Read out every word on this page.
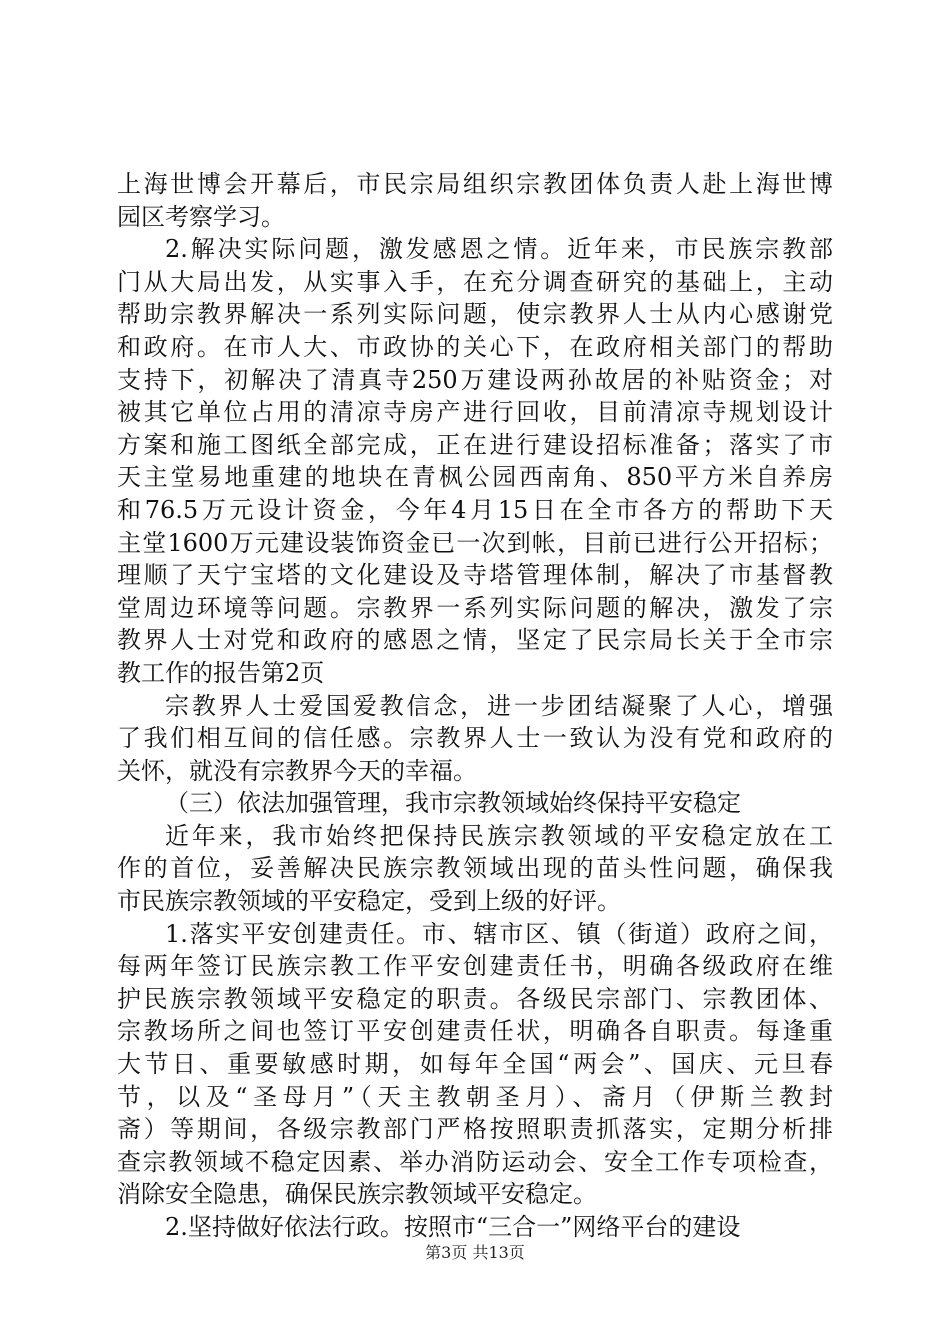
上海世博会开幕后，市民宗局组织宗教团体负责人赴上海世博
园区考察学习。
2.解决实际问题，激发感恩之情。近年来，市民族宗教部
门从大局出发，从实事入手，在充分调查研究的基础上，主动
帮助宗教界解决一系列实际问题，使宗教界人士从内心感谢党
和政府。在市人大、市政协的关心下，在政府相关部门的帮助
支持下，初解决了清真寺250万建设两孙故居的补贴资金；对
被其它单位占用的清凉寺房产进行回收，目前清凉寺规划设计
方案和施工图纸全部完成，正在进行建设招标准备；落实了市
天主堂易地重建的地块在青枫公园西南角、850平方米自养房
和76.5万元设计资金，今年4月15日在全市各方的帮助下天
主堂1600万元建设装饰资金已一次到帐，目前已进行公开招标；
理顺了天宁宝塔的文化建设及寺塔管理体制，解决了市基督教
堂周边环境等问题。宗教界一系列实际问题的解决，激发了宗
教界人士对党和政府的感恩之情，坚定了民宗局长关于全市宗
教工作的报告第2页
宗教界人士爱国爱教信念，进一步团结凝聚了人心，增强
了我们相互间的信任感。宗教界人士一致认为没有党和政府的
关怀，就没有宗教界今天的幸福。
（三）依法加强管理，我市宗教领域始终保持平安稳定
近年来，我市始终把保持民族宗教领域的平安稳定放在工
作的首位，妥善解决民族宗教领域出现的苗头性问题，确保我
市民族宗教领域的平安稳定，受到上级的好评。
1.落实平安创建责任。市、辖市区、镇（街道）政府之间，
每两年签订民族宗教工作平安创建责任书，明确各级政府在维
护民族宗教领域平安稳定的职责。各级民宗部门、宗教团体、
宗教场所之间也签订平安创建责任状，明确各自职责。每逢重
大节日、重要敏感时期，如每年全国“两会”、国庆、元旦春
节，以及“圣母月”（天主教朝圣月）、斋月（伊斯兰教封
斋）等期间，各级宗教部门严格按照职责抓落实，定期分析排
查宗教领域不稳定因素、举办消防运动会、安全工作专项检查，
消除安全隐患，确保民族宗教领域平安稳定。
2.坚持做好依法行政。按照市“三合一”网络平台的建设
第3页 共13页
